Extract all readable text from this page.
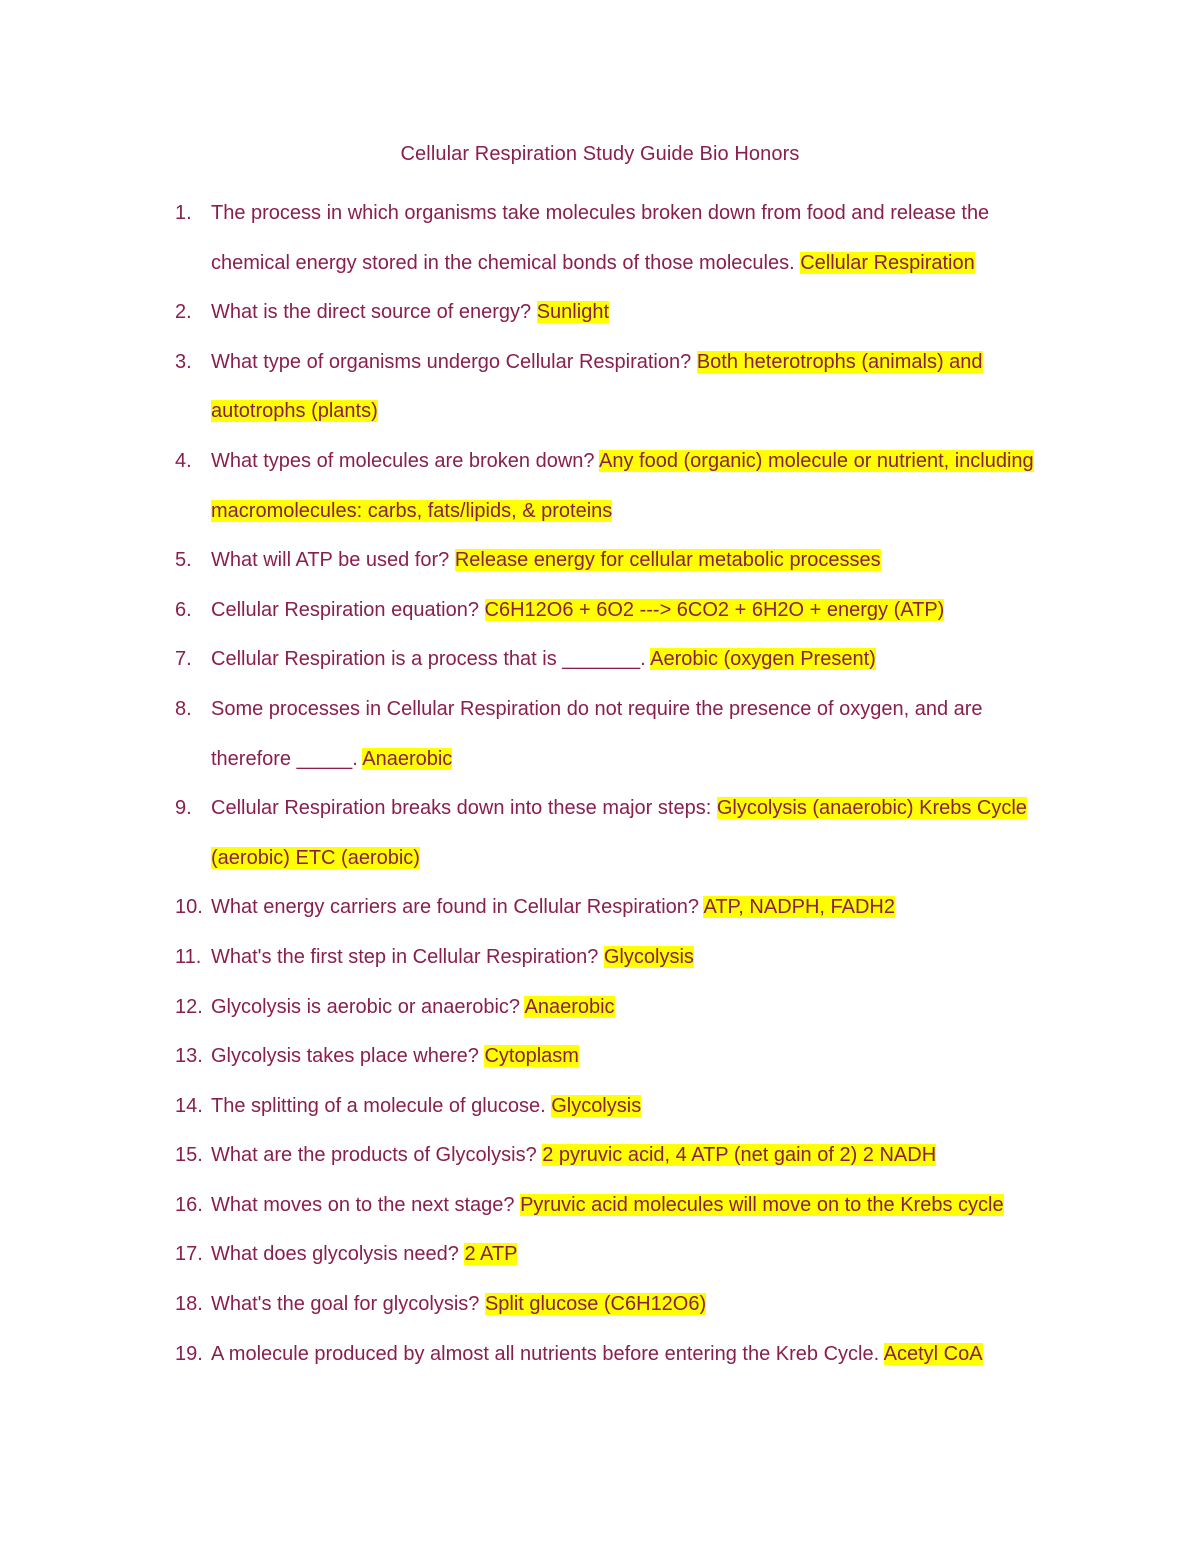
Cellular Respiration Study Guide Bio Honors
1. The process in which organisms take molecules broken down from food and release the chemical energy stored in the chemical bonds of those molecules. Cellular Respiration
2. What is the direct source of energy? Sunlight
3. What type of organisms undergo Cellular Respiration? Both heterotrophs (animals) and autotrophs (plants)
4. What types of molecules are broken down? Any food (organic) molecule or nutrient, including macromolecules: carbs, fats/lipids, & proteins
5. What will ATP be used for? Release energy for cellular metabolic processes
6. Cellular Respiration equation? C6H12O6 + 6O2 ---> 6CO2 + 6H2O + energy (ATP)
7. Cellular Respiration is a process that is _______. Aerobic (oxygen Present)
8. Some processes in Cellular Respiration do not require the presence of oxygen, and are therefore _____. Anaerobic
9. Cellular Respiration breaks down into these major steps: Glycolysis (anaerobic) Krebs Cycle (aerobic) ETC (aerobic)
10. What energy carriers are found in Cellular Respiration? ATP, NADPH, FADH2
11. What's the first step in Cellular Respiration? Glycolysis
12. Glycolysis is aerobic or anaerobic? Anaerobic
13. Glycolysis takes place where? Cytoplasm
14. The splitting of a molecule of glucose. Glycolysis
15. What are the products of Glycolysis? 2 pyruvic acid, 4 ATP (net gain of 2) 2 NADH
16. What moves on to the next stage? Pyruvic acid molecules will move on to the Krebs cycle
17. What does glycolysis need? 2 ATP
18. What's the goal for glycolysis? Split glucose (C6H12O6)
19. A molecule produced by almost all nutrients before entering the Kreb Cycle. Acetyl CoA
